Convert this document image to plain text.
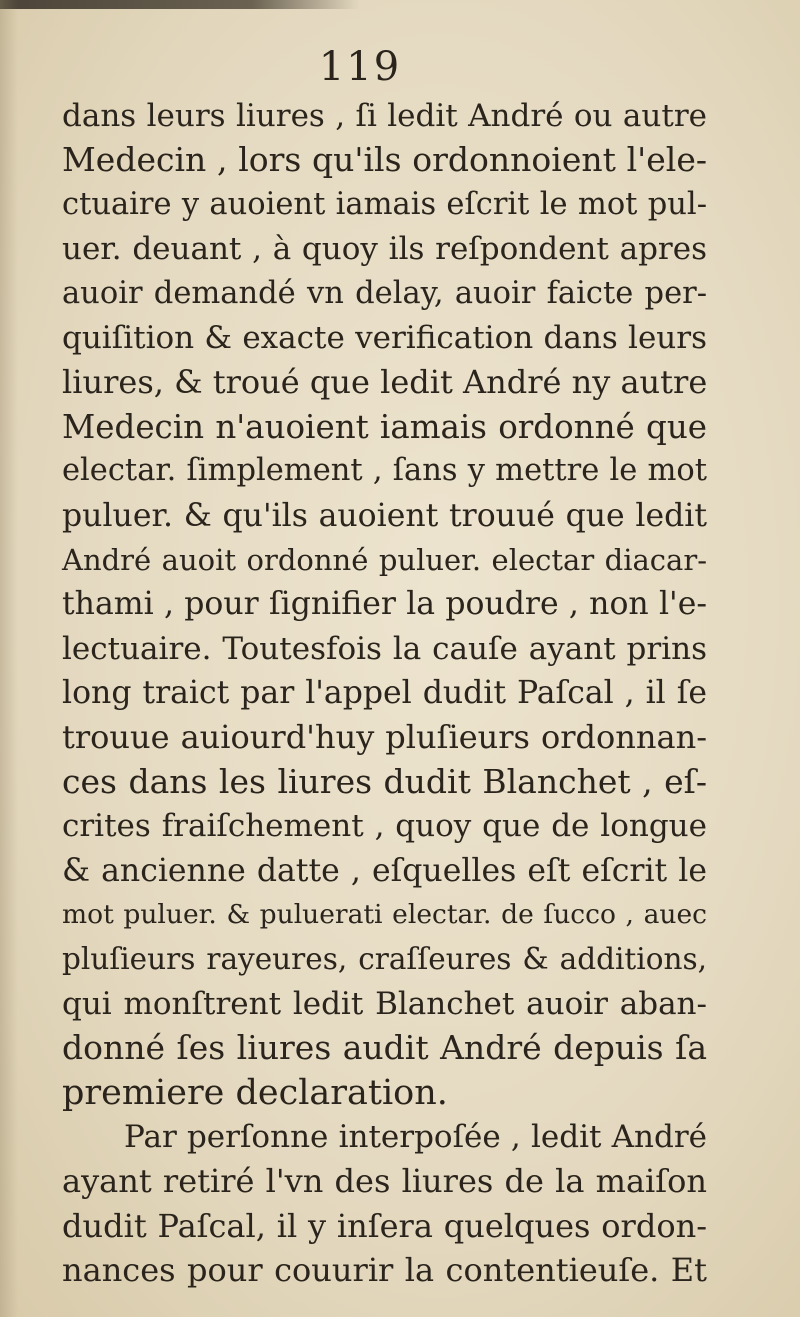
119
dans leurs liures , ſi ledit André ou autre
Medecin , lors qu'ils ordonnoient l'ele-
ctuaire y auoient iamais eſcrit le mot pul-
uer. deuant , à quoy ils reſpondent apres
auoir demandé vn delay, auoir faicte per-
quiſition & exacte verification dans leurs
liures, & troué que ledit André ny autre
Medecin n'auoient iamais ordonné que
electar. ſimplement , ſans y mettre le mot
puluer. & qu'ils auoient trouué que ledit
André auoit ordonné puluer. electar diacar-
thami , pour ſignifier la poudre , non l'e-
lectuaire. Toutesfois la cauſe ayant prins
long traict par l'appel dudit Paſcal , il ſe
trouue auiourd'huy pluſieurs ordonnan-
ces dans les liures dudit Blanchet , eſ-
crites fraiſchement , quoy que de longue
& ancienne datte , eſquelles eſt eſcrit le
mot puluer. & puluerati electar. de ſucco , auec
pluſieurs rayeures, craſſeures & additions,
qui monſtrent ledit Blanchet auoir aban-
donné ſes liures audit André depuis ſa
premiere declaration.
Par perſonne interpoſée , ledit André
ayant retiré l'vn des liures de la maiſon
dudit Paſcal, il y inſera quelques ordon-
nances pour couurir la contentieuſe. Et
